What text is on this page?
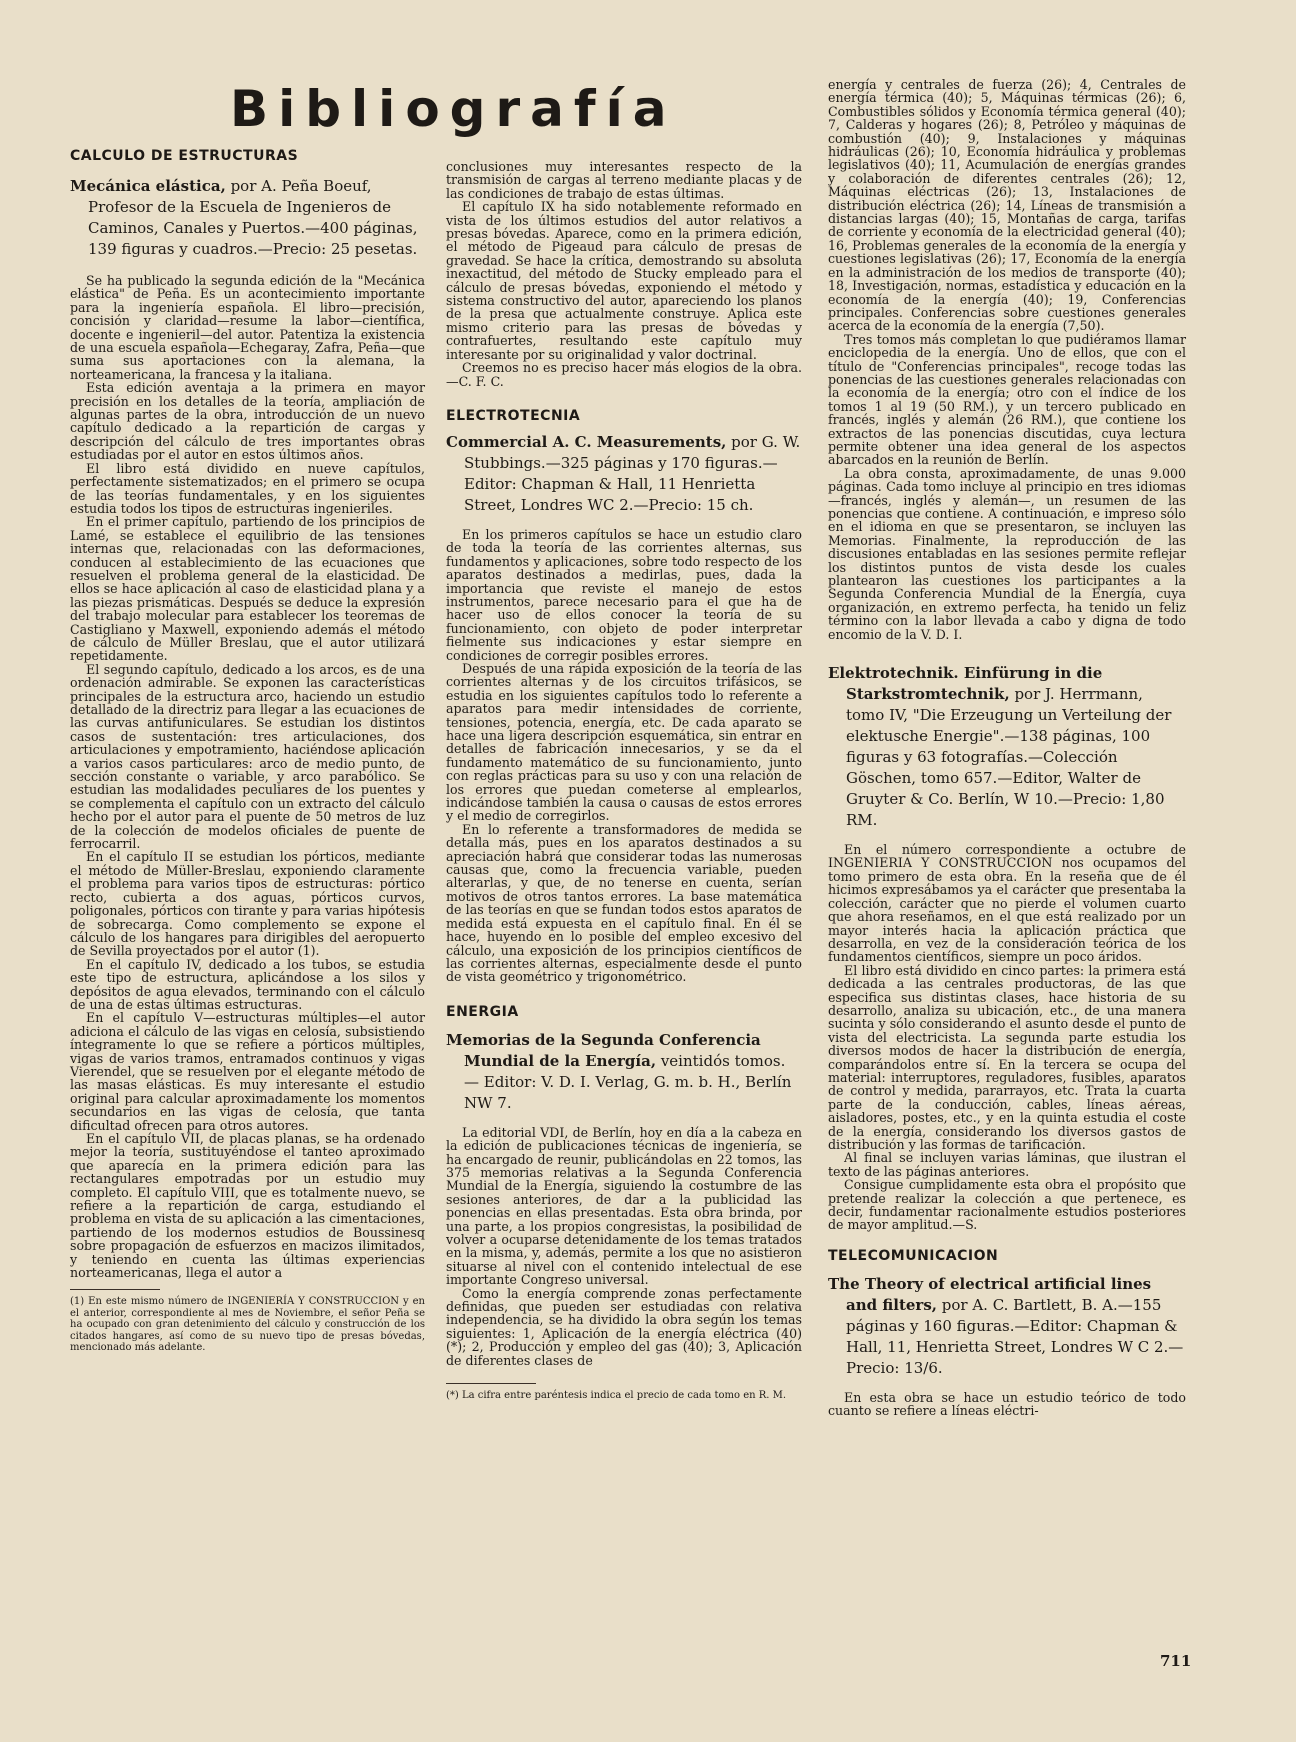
Bibliografía

CALCULO DE ESTRUCTURAS

Mecánica elástica, por A. Peña Boeuf, Profesor de la Escuela de Ingenieros de Caminos, Canales y Puertos.—400 páginas, 139 figuras y cuadros.—Precio: 25 pesetas.

Se ha publicado la segunda edición de la "Mecánica elástica" de Peña. Es un acontecimiento importante para la ingeniería española. El libro—precisión, concisión y claridad—resume la labor—científica, docente e ingenieril—del autor. Patentiza la existencia de una escuela española—Echegaray, Zafra, Peña—que suma sus aportaciones con la alemana, la norteamericana, la francesa y la italiana.

Esta edición aventaja a la primera en mayor precisión en los detalles de la teoría, ampliación de algunas partes de la obra, introducción de un nuevo capítulo dedicado a la repartición de cargas y descripción del cálculo de tres importantes obras estudiadas por el autor en estos últimos años.

El libro está dividido en nueve capítulos, perfectamente sistematizados; en el primero se ocupa de las teorías fundamentales, y en los siguientes estudia todos los tipos de estructuras ingenieriles.

En el primer capítulo, partiendo de los principios de Lamé, se establece el equilibrio de las tensiones internas que, relacionadas con las deformaciones, conducen al establecimiento de las ecuaciones que resuelven el problema general de la elasticidad. De ellos se hace aplicación al caso de elasticidad plana y a las piezas prismáticas. Después se deduce la expresión del trabajo molecular para establecer los teoremas de Castigliano y Maxwell, exponiendo además el método de cálculo de Müller Breslau, que el autor utilizará repetidamente.

El segundo capítulo, dedicado a los arcos, es de una ordenación admirable. Se exponen las características principales de la estructura arco, haciendo un estudio detallado de la directriz para llegar a las ecuaciones de las curvas antifuniculares. Se estudian los distintos casos de sustentación: tres articulaciones, dos articulaciones y empotramiento, haciéndose aplicación a varios casos particulares: arco de medio punto, de sección constante o variable, y arco parabólico. Se estudian las modalidades peculiares de los puentes y se complementa el capítulo con un extracto del cálculo hecho por el autor para el puente de 50 metros de luz de la colección de modelos oficiales de puente de ferrocarril.

En el capítulo II se estudian los pórticos, mediante el método de Müller-Breslau, exponiendo claramente el problema para varios tipos de estructuras: pórtico recto, cubierta a dos aguas, pórticos curvos, poligonales, pórticos con tirante y para varias hipótesis de sobrecarga. Como complemento se expone el cálculo de los hangares para dirigibles del aeropuerto de Sevilla proyectados por el autor (1).

En el capítulo IV, dedicado a los tubos, se estudia este tipo de estructura, aplicándose a los silos y depósitos de agua elevados, terminando con el cálculo de una de estas últimas estructuras.

En el capítulo V—estructuras múltiples—el autor adiciona el cálculo de las vigas en celosía, subsistiendo íntegramente lo que se refiere a pórticos múltiples, vigas de varios tramos, entramados continuos y vigas Vierendel, que se resuelven por el elegante método de las masas elásticas. Es muy interesante el estudio original para calcular aproximadamente los momentos secundarios en las vigas de celosía, que tanta dificultad ofrecen para otros autores.

En el capítulo VII, de placas planas, se ha ordenado mejor la teoría, sustituyéndose el tanteo aproximado que aparecía en la primera edición para las rectangulares empotradas por un estudio muy completo. El capítulo VIII, que es totalmente nuevo, se refiere a la repartición de carga, estudiando el problema en vista de su aplicación a las cimentaciones, partiendo de los modernos estudios de Boussinesq sobre propagación de esfuerzos en macizos ilimitados, y teniendo en cuenta las últimas experiencias norteamericanas, llega el autor a

(1) En este mismo número de INGENIERÍA Y CONSTRUCCION y en el anterior, correspondiente al mes de Noviembre, el señor Peña se ha ocupado con gran detenimiento del cálculo y construcción de los citados hangares, así como de su nuevo tipo de presas bóvedas, mencionado más adelante.

conclusiones muy interesantes respecto de la transmisión de cargas al terreno mediante placas y de las condiciones de trabajo de estas últimas.

El capítulo IX ha sido notablemente reformado en vista de los últimos estudios del autor relativos a presas bóvedas. Aparece, como en la primera edición, el método de Pigeaud para cálculo de presas de gravedad. Se hace la crítica, demostrando su absoluta inexactitud, del método de Stucky empleado para el cálculo de presas bóvedas, exponiendo el método y sistema constructivo del autor, apareciendo los planos de la presa que actualmente construye. Aplica este mismo criterio para las presas de bóvedas y contrafuertes, resultando este capítulo muy interesante por su originalidad y valor doctrinal.

Creemos no es preciso hacer más elogios de la obra.—C. F. C.

ELECTROTECNIA

Commercial A. C. Measurements, por G. W. Stubbings.—325 páginas y 170 figuras.—Editor: Chapman & Hall, 11 Henrietta Street, Londres WC 2.—Precio: 15 ch.

En los primeros capítulos se hace un estudio claro de toda la teoría de las corrientes alternas, sus fundamentos y aplicaciones, sobre todo respecto de los aparatos destinados a medirlas, pues, dada la importancia que reviste el manejo de estos instrumentos, parece necesario para el que ha de hacer uso de ellos conocer la teoría de su funcionamiento, con objeto de poder interpretar fielmente sus indicaciones y estar siempre en condiciones de corregir posibles errores.

Después de una rápida exposición de la teoría de las corrientes alternas y de los circuitos trifásicos, se estudia en los siguientes capítulos todo lo referente a aparatos para medir intensidades de corriente, tensiones, potencia, energía, etc. De cada aparato se hace una ligera descripción esquemática, sin entrar en detalles de fabricación innecesarios, y se da el fundamento matemático de su funcionamiento, junto con reglas prácticas para su uso y con una relación de los errores que puedan cometerse al emplearlos, indicándose también la causa o causas de estos errores y el medio de corregirlos.

En lo referente a transformadores de medida se detalla más, pues en los aparatos destinados a su apreciación habrá que considerar todas las numerosas causas que, como la frecuencia variable, pueden alterarlas, y que, de no tenerse en cuenta, serían motivos de otros tantos errores. La base matemática de las teorías en que se fundan todos estos aparatos de medida está expuesta en el capítulo final. En él se hace, huyendo en lo posible del empleo excesivo del cálculo, una exposición de los principios científicos de las corrientes alternas, especialmente desde el punto de vista geométrico y trigonométrico.

ENERGIA

Memorias de la Segunda Conferencia Mundial de la Energía, veintidós tomos. — Editor: V. D. I. Verlag, G. m. b. H., Berlín NW 7.

La editorial VDI, de Berlín, hoy en día a la cabeza en la edición de publicaciones técnicas de ingeniería, se ha encargado de reunir, publicándolas en 22 tomos, las 375 memorias relativas a la Segunda Conferencia Mundial de la Energía, siguiendo la costumbre de las sesiones anteriores, de dar a la publicidad las ponencias en ellas presentadas. Esta obra brinda, por una parte, a los propios congresistas, la posibilidad de volver a ocuparse detenidamente de los temas tratados en la misma, y, además, permite a los que no asistieron situarse al nivel con el contenido intelectual de ese importante Congreso universal.

Como la energía comprende zonas perfectamente definidas, que pueden ser estudiadas con relativa independencia, se ha dividido la obra según los temas siguientes: 1, Aplicación de la energía eléctrica (40) (*); 2, Producción y empleo del gas (40); 3, Aplicación de diferentes clases de

(*) La cifra entre paréntesis indica el precio de cada tomo en R. M.

energía y centrales de fuerza (26); 4, Centrales de energía térmica (40); 5, Máquinas térmicas (26); 6, Combustibles sólidos y Economía térmica general (40); 7, Calderas y hogares (26); 8, Petróleo y máquinas de combustión (40); 9, Instalaciones y máquinas hidráulicas (26); 10, Economía hidráulica y problemas legislativos (40); 11, Acumulación de energías grandes y colaboración de diferentes centrales (26); 12, Máquinas eléctricas (26); 13, Instalaciones de distribución eléctrica (26); 14, Líneas de transmisión a distancias largas (40); 15, Montañas de carga, tarifas de corriente y economía de la electricidad general (40); 16, Problemas generales de la economía de la energía y cuestiones legislativas (26); 17, Economía de la energía en la administración de los medios de transporte (40); 18, Investigación, normas, estadística y educación en la economía de la energía (40); 19, Conferencias principales. Conferencias sobre cuestiones generales acerca de la economía de la energía (7,50).

Tres tomos más completan lo que pudiéramos llamar enciclopedia de la energía. Uno de ellos, que con el título de "Conferencias principales", recoge todas las ponencias de las cuestiones generales relacionadas con la economía de la energía; otro con el índice de los tomos 1 al 19 (50 RM.), y un tercero publicado en francés, inglés y alemán (26 RM.), que contiene los extractos de las ponencias discutidas, cuya lectura permite obtener una idea general de los aspectos abarcados en la reunión de Berlín.

La obra consta, aproximadamente, de unas 9.000 páginas. Cada tomo incluye al principio en tres idiomas—francés, inglés y alemán—, un resumen de las ponencias que contiene. A continuación, e impreso sólo en el idioma en que se presentaron, se incluyen las Memorias. Finalmente, la reproducción de las discusiones entabladas en las sesiones permite reflejar los distintos puntos de vista desde los cuales plantearon las cuestiones los participantes a la Segunda Conferencia Mundial de la Energía, cuya organización, en extremo perfecta, ha tenido un feliz término con la labor llevada a cabo y digna de todo encomio de la V. D. I.

Elektrotechnik. Einfürung in die Starkstromtechnik, por J. Herrmann, tomo IV, "Die Erzeugung un Verteilung der elektusche Energie".—138 páginas, 100 figuras y 63 fotografías.—Colección Göschen, tomo 657.—Editor, Walter de Gruyter & Co. Berlín, W 10.—Precio: 1,80 RM.

En el número correspondiente a octubre de INGENIERIA Y CONSTRUCCION nos ocupamos del tomo primero de esta obra. En la reseña que de él hicimos expresábamos ya el carácter que presentaba la colección, carácter que no pierde el volumen cuarto que ahora reseñamos, en el que está realizado por un mayor interés hacia la aplicación práctica que desarrolla, en vez de la consideración teórica de los fundamentos científicos, siempre un poco áridos.

El libro está dividido en cinco partes: la primera está dedicada a las centrales productoras, de las que especifica sus distintas clases, hace historia de su desarrollo, analiza su ubicación, etc., de una manera sucinta y sólo considerando el asunto desde el punto de vista del electricista. La segunda parte estudia los diversos modos de hacer la distribución de energía, comparándolos entre sí. En la tercera se ocupa del material: interruptores, reguladores, fusibles, aparatos de control y medida, pararrayos, etc. Trata la cuarta parte de la conducción, cables, líneas aéreas, aisladores, postes, etc., y en la quinta estudia el coste de la energía, considerando los diversos gastos de distribución y las formas de tarificación.

Al final se incluyen varias láminas, que ilustran el texto de las páginas anteriores.

Consigue cumplidamente esta obra el propósito que pretende realizar la colección a que pertenece, es decir, fundamentar racionalmente estudios posteriores de mayor amplitud.—S.

TELECOMUNICACION

The Theory of electrical artificial lines and filters, por A. C. Bartlett, B. A.—155 páginas y 160 figuras.—Editor: Chapman & Hall, 11, Henrietta Street, Londres W C 2.—Precio: 13/6.

En esta obra se hace un estudio teórico de todo cuanto se refiere a líneas eléctri-

711
